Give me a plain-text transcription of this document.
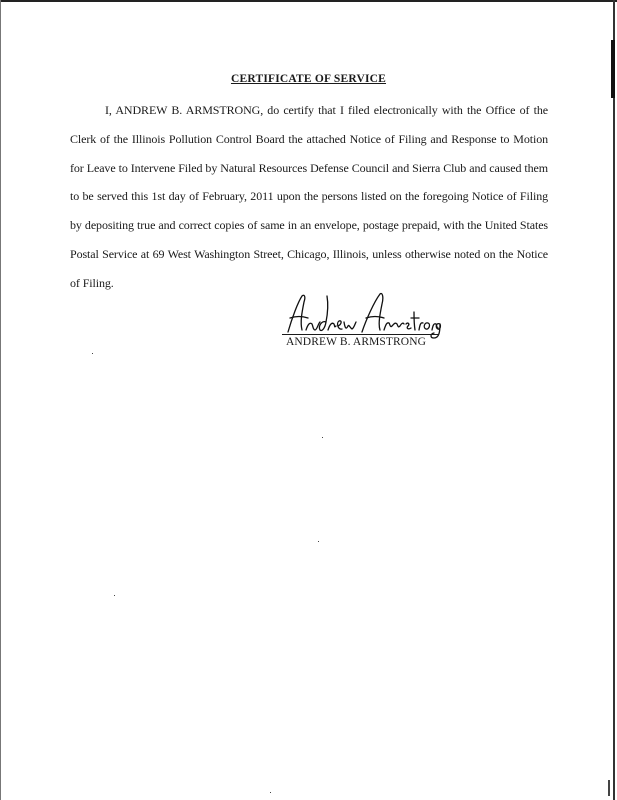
CERTIFICATE OF SERVICE
I, ANDREW B. ARMSTRONG, do certify that I filed electronically with the Office of the Clerk of the Illinois Pollution Control Board the attached Notice of Filing and Response to Motion for Leave to Intervene Filed by Natural Resources Defense Council and Sierra Club and caused them to be served this 1st day of February, 2011 upon the persons listed on the foregoing Notice of Filing by depositing true and correct copies of same in an envelope, postage prepaid, with the United States Postal Service at 69 West Washington Street, Chicago, Illinois, unless otherwise noted on the Notice of Filing.
ANDREW B. ARMSTRONG
